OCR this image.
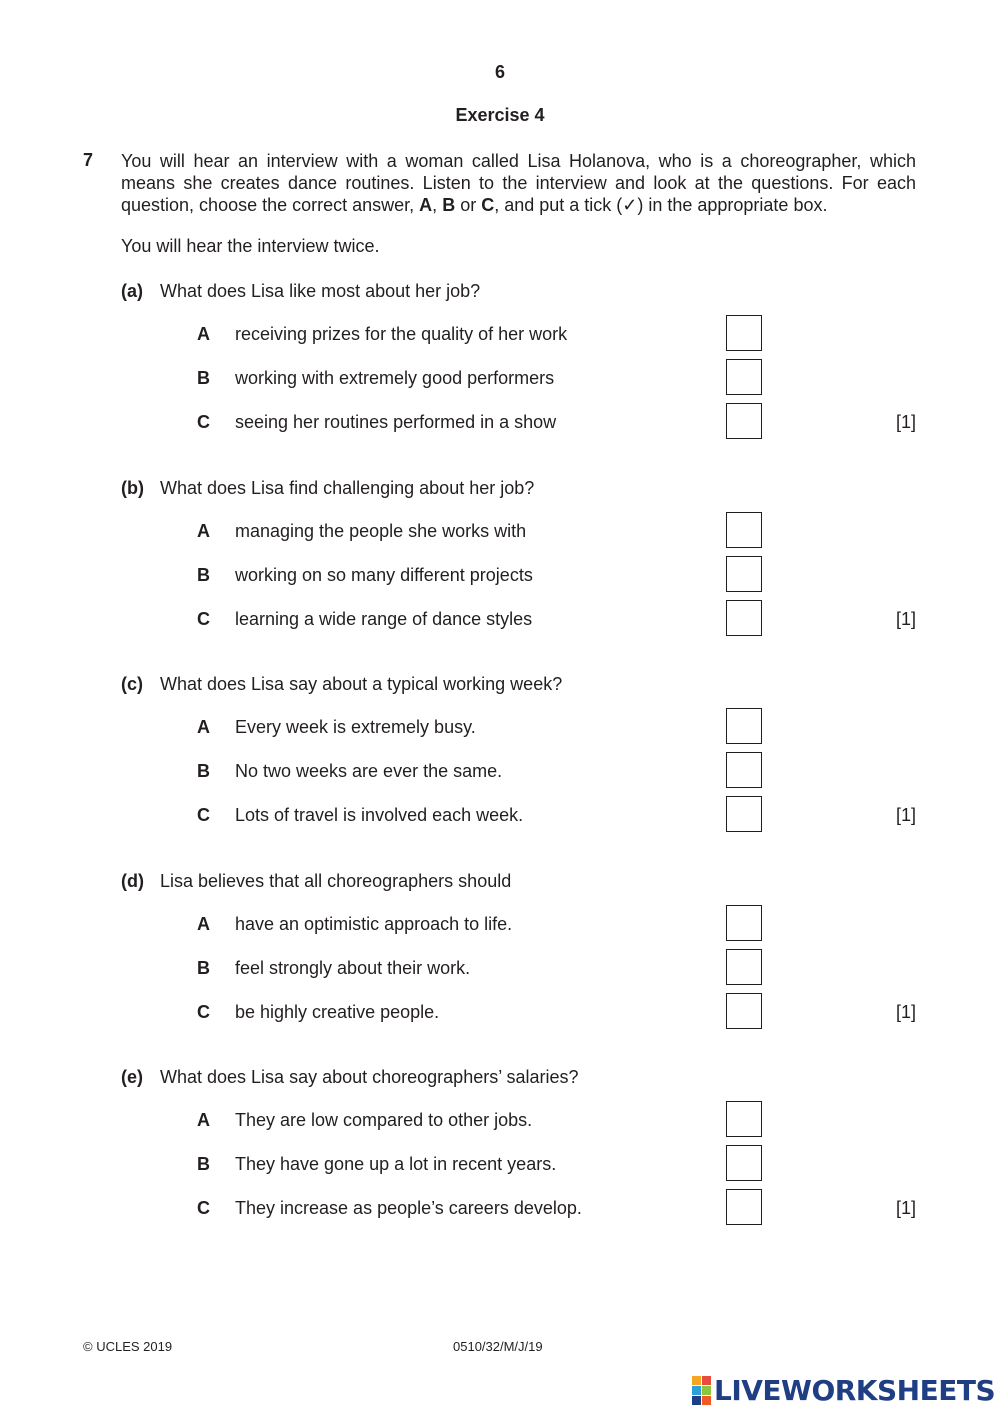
6
Exercise 4
7 You will hear an interview with a woman called Lisa Holanova, who is a choreographer, which means she creates dance routines. Listen to the interview and look at the questions. For each question, choose the correct answer, A, B or C, and put a tick (✓) in the appropriate box.
You will hear the interview twice.
(a) What does Lisa like most about her job?
A receiving prizes for the quality of her work
B working with extremely good performers
C seeing her routines performed in a show	[1]
(b) What does Lisa find challenging about her job?
A managing the people she works with
B working on so many different projects
C learning a wide range of dance styles	[1]
(c) What does Lisa say about a typical working week?
A Every week is extremely busy.
B No two weeks are ever the same.
C Lots of travel is involved each week.	[1]
(d) Lisa believes that all choreographers should
A have an optimistic approach to life.
B feel strongly about their work.
C be highly creative people.	[1]
(e) What does Lisa say about choreographers’ salaries?
A They are low compared to other jobs.
B They have gone up a lot in recent years.
C They increase as people’s careers develop.	[1]
© UCLES 2019	0510/32/M/J/19
LIVEWORKSHEETS
